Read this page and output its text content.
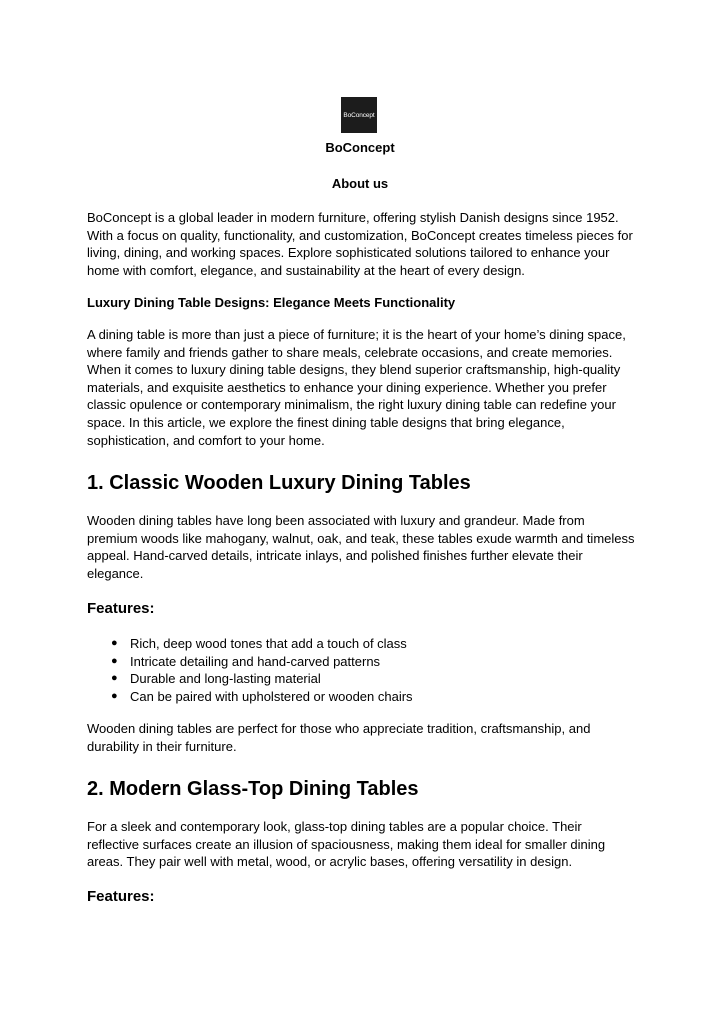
BoConcept
BoConcept
About us

BoConcept is a global leader in modern furniture, offering stylish Danish designs since 1952. With a focus on quality, functionality, and customization, BoConcept creates timeless pieces for living, dining, and working spaces. Explore sophisticated solutions tailored to enhance your home with comfort, elegance, and sustainability at the heart of every design.

Luxury Dining Table Designs: Elegance Meets Functionality

A dining table is more than just a piece of furniture; it is the heart of your home’s dining space, where family and friends gather to share meals, celebrate occasions, and create memories. When it comes to luxury dining table designs, they blend superior craftsmanship, high-quality materials, and exquisite aesthetics to enhance your dining experience. Whether you prefer classic opulence or contemporary minimalism, the right luxury dining table can redefine your space. In this article, we explore the finest dining table designs that bring elegance, sophistication, and comfort to your home.

1. Classic Wooden Luxury Dining Tables

Wooden dining tables have long been associated with luxury and grandeur. Made from premium woods like mahogany, walnut, oak, and teak, these tables exude warmth and timeless appeal. Hand-carved details, intricate inlays, and polished finishes further elevate their elegance.

Features:
● Rich, deep wood tones that add a touch of class
● Intricate detailing and hand-carved patterns
● Durable and long-lasting material
● Can be paired with upholstered or wooden chairs

Wooden dining tables are perfect for those who appreciate tradition, craftsmanship, and durability in their furniture.

2. Modern Glass-Top Dining Tables

For a sleek and contemporary look, glass-top dining tables are a popular choice. Their reflective surfaces create an illusion of spaciousness, making them ideal for smaller dining areas. They pair well with metal, wood, or acrylic bases, offering versatility in design.

Features:
